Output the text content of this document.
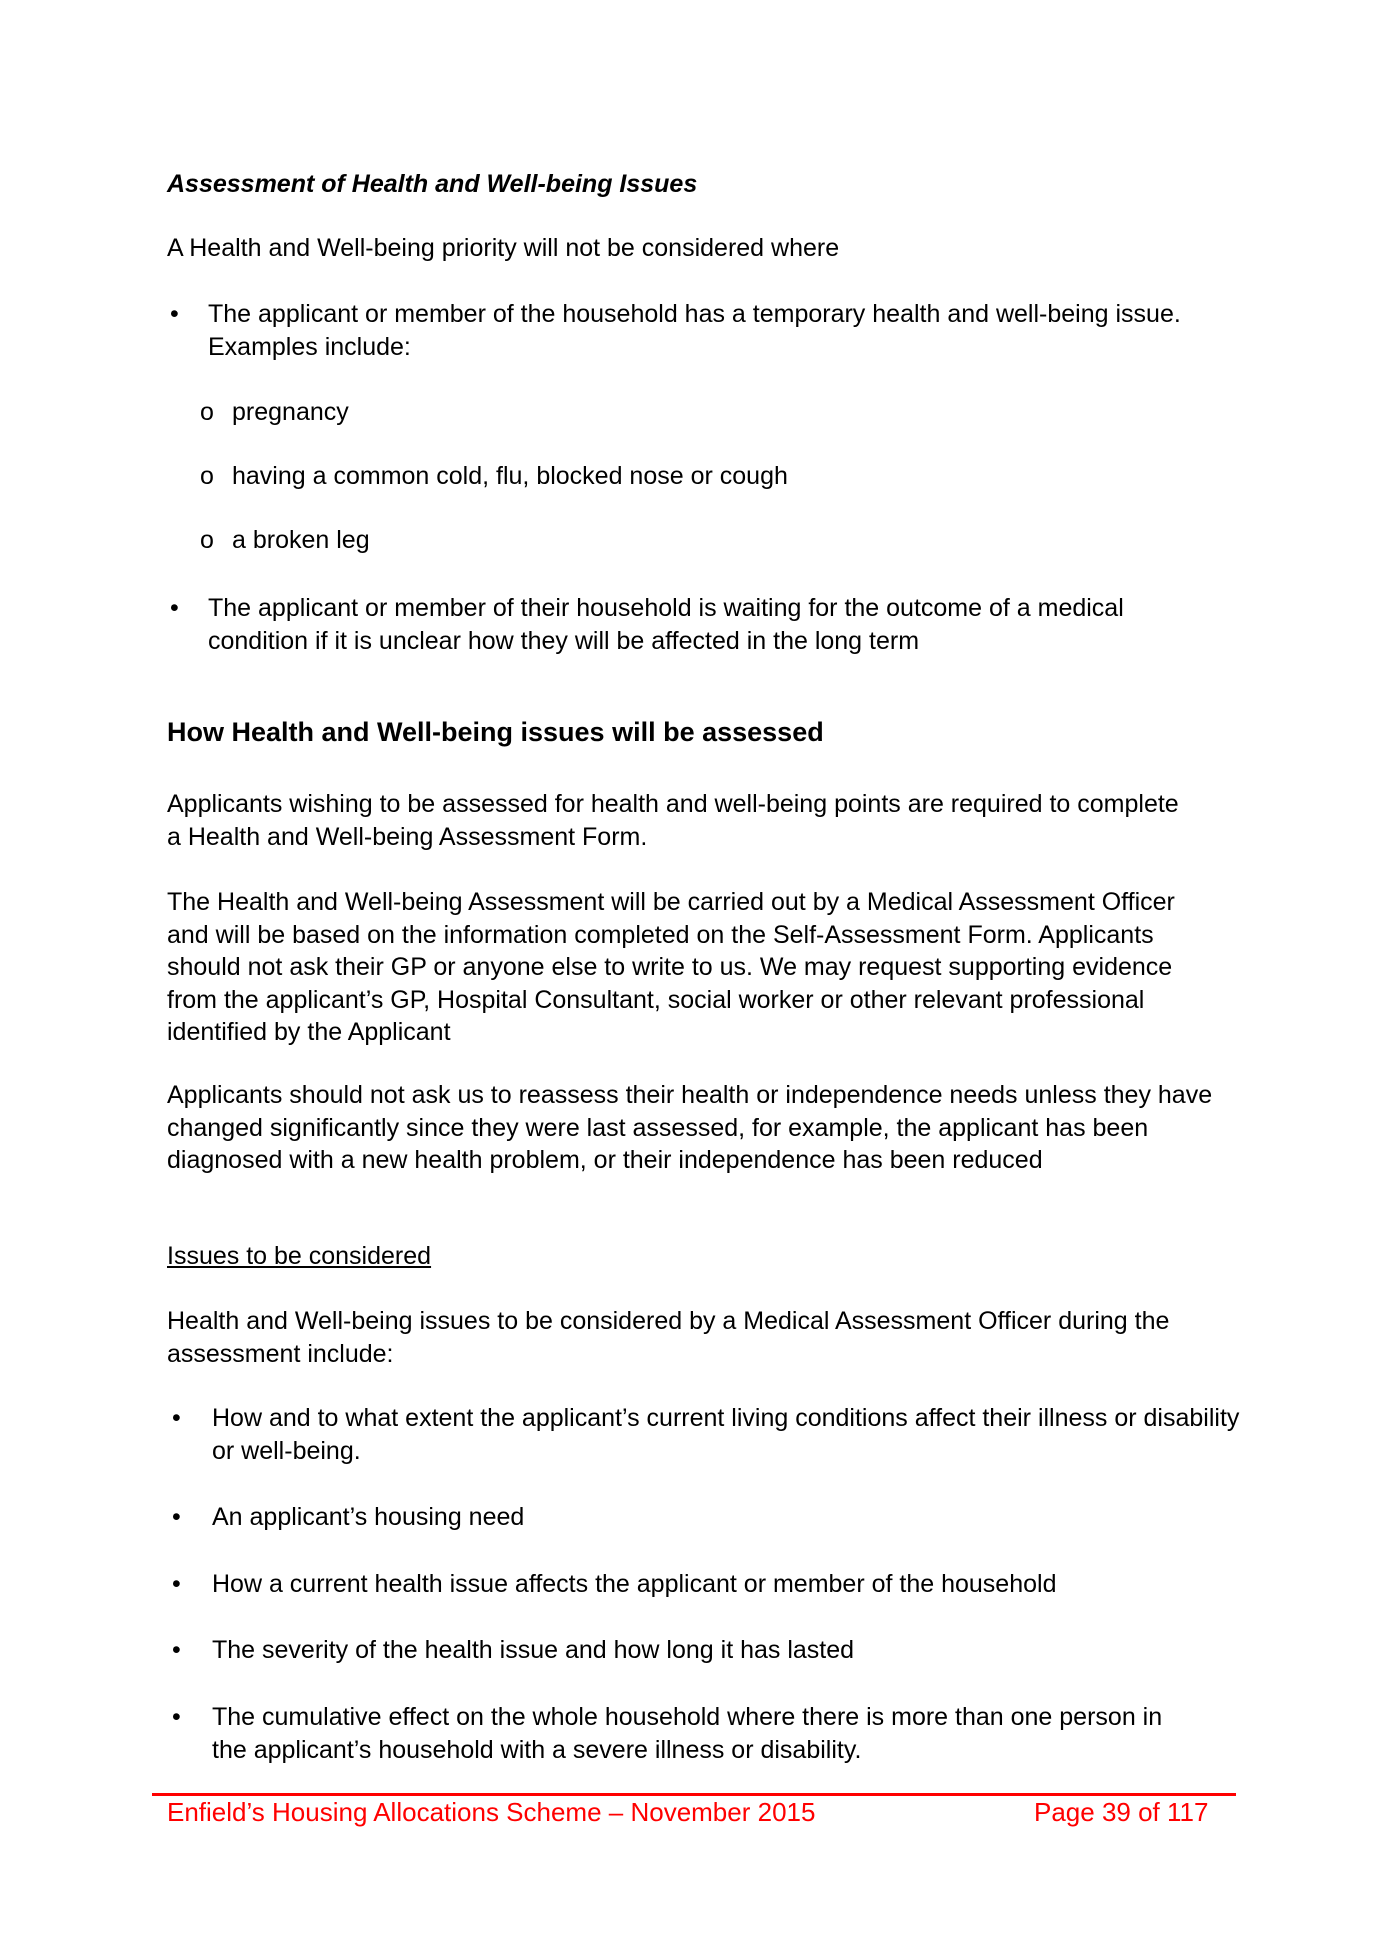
Assessment of Health and Well-being Issues

A Health and Well-being priority will not be considered where

• The applicant or member of the household has a temporary health and well-being issue. Examples include:
o pregnancy
o having a common cold, flu, blocked nose or cough
o a broken leg
• The applicant or member of their household is waiting for the outcome of a medical condition if it is unclear how they will be affected in the long term

How Health and Well-being issues will be assessed

Applicants wishing to be assessed for health and well-being points are required to complete a Health and Well-being Assessment Form.

The Health and Well-being Assessment will be carried out by a Medical Assessment Officer and will be based on the information completed on the Self-Assessment Form. Applicants should not ask their GP or anyone else to write to us. We may request supporting evidence from the applicant’s GP, Hospital Consultant, social worker or other relevant professional identified by the Applicant

Applicants should not ask us to reassess their health or independence needs unless they have changed significantly since they were last assessed, for example, the applicant has been diagnosed with a new health problem, or their independence has been reduced

Issues to be considered

Health and Well-being issues to be considered by a Medical Assessment Officer during the assessment include:

• How and to what extent the applicant’s current living conditions affect their illness or disability or well-being.
• An applicant’s housing need
• How a current health issue affects the applicant or member of the household
• The severity of the health issue and how long it has lasted
• The cumulative effect on the whole household where there is more than one person in the applicant’s household with a severe illness or disability.
Enfield’s Housing Allocations Scheme – November 2015	Page 39 of 117
